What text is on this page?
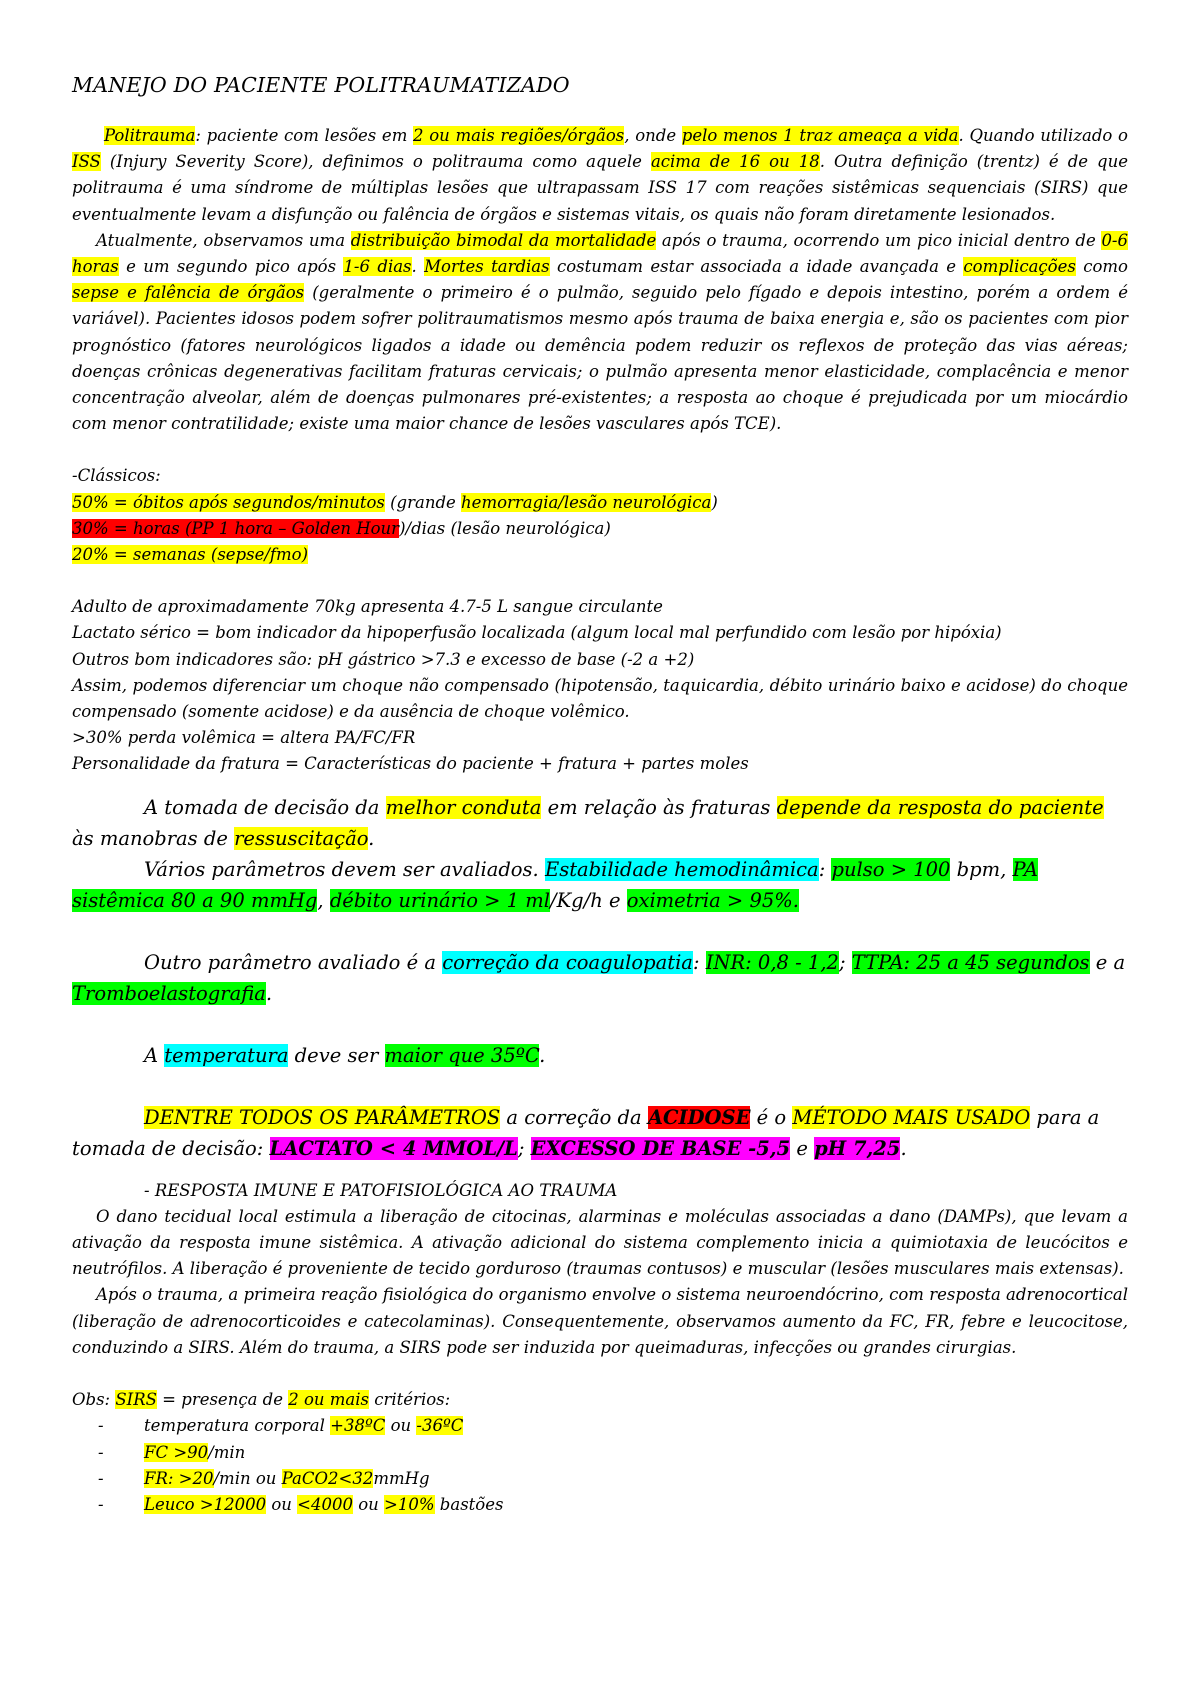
MANEJO DO PACIENTE POLITRAUMATIZADO

Politrauma: paciente com lesões em 2 ou mais regiões/órgãos, onde pelo menos 1 traz ameaça a vida. Quando utilizado o ISS (Injury Severity Score), definimos o politrauma como aquele acima de 16 ou 18. Outra definição (trentz) é de que politrauma é uma síndrome de múltiplas lesões que ultrapassam ISS 17 com reações sistêmicas sequenciais (SIRS) que eventualmente levam a disfunção ou falência de órgãos e sistemas vitais, os quais não foram diretamente lesionados.

Atualmente, observamos uma distribuição bimodal da mortalidade após o trauma, ocorrendo um pico inicial dentro de 0-6 horas e um segundo pico após 1-6 dias. Mortes tardias costumam estar associada a idade avançada e complicações como sepse e falência de órgãos (geralmente o primeiro é o pulmão, seguido pelo fígado e depois intestino, porém a ordem é variável). Pacientes idosos podem sofrer politraumatismos mesmo após trauma de baixa energia e, são os pacientes com pior prognóstico (fatores neurológicos ligados a idade ou demência podem reduzir os reflexos de proteção das vias aéreas; doenças crônicas degenerativas facilitam fraturas cervicais; o pulmão apresenta menor elasticidade, complacência e menor concentração alveolar, além de doenças pulmonares pré-existentes; a resposta ao choque é prejudicada por um miocárdio com menor contratilidade; existe uma maior chance de lesões vasculares após TCE).

-Clássicos:

50% = óbitos após segundos/minutos (grande hemorragia/lesão neurológica)

30% = horas (PP 1 hora – Golden Hour)/dias (lesão neurológica)

20% = semanas (sepse/fmo)

Adulto de aproximadamente 70kg apresenta 4.7-5 L sangue circulante

Lactato sérico = bom indicador da hipoperfusão localizada (algum local mal perfundido com lesão por hipóxia)

Outros bom indicadores são: pH gástrico >7.3 e excesso de base (-2 a +2)

Assim, podemos diferenciar um choque não compensado (hipotensão, taquicardia, débito urinário baixo e acidose) do choque compensado (somente acidose) e da ausência de choque volêmico.

>30% perda volêmica = altera PA/FC/FR

Personalidade da fratura = Características do paciente + fratura + partes moles

A tomada de decisão da melhor conduta em relação às fraturas depende da resposta do paciente às manobras de ressuscitação.

Vários parâmetros devem ser avaliados. Estabilidade hemodinâmica: pulso > 100 bpm, PA sistêmica 80 a 90 mmHg, débito urinário > 1 ml/Kg/h e oximetria > 95%.

Outro parâmetro avaliado é a correção da coagulopatia: INR: 0,8 - 1,2; TTPA: 25 a 45 segundos e a Tromboelastografia.

A temperatura deve ser maior que 35ºC.

DENTRE TODOS OS PARÂMETROS a correção da ACIDOSE é o MÉTODO MAIS USADO para a tomada de decisão: LACTATO < 4 MMOL/L; EXCESSO DE BASE -5,5 e pH 7,25.

- RESPOSTA IMUNE E PATOFISIOLÓGICA AO TRAUMA

O dano tecidual local estimula a liberação de citocinas, alarminas e moléculas associadas a dano (DAMPs), que levam a ativação da resposta imune sistêmica. A ativação adicional do sistema complemento inicia a quimiotaxia de leucócitos e neutrófilos. A liberação é proveniente de tecido gorduroso (traumas contusos) e muscular (lesões musculares mais extensas).

Após o trauma, a primeira reação fisiológica do organismo envolve o sistema neuroendócrino, com resposta adrenocortical (liberação de adrenocorticoides e catecolaminas). Consequentemente, observamos aumento da FC, FR, febre e leucocitose, conduzindo a SIRS. Além do trauma, a SIRS pode ser induzida por queimaduras, infecções ou grandes cirurgias.

Obs: SIRS = presença de 2 ou mais critérios:

- temperatura corporal +38ºC ou -36ºC
- FC >90/min
- FR: >20/min ou PaCO2<32mmHg
- Leuco >12000 ou <4000 ou >10% bastões
